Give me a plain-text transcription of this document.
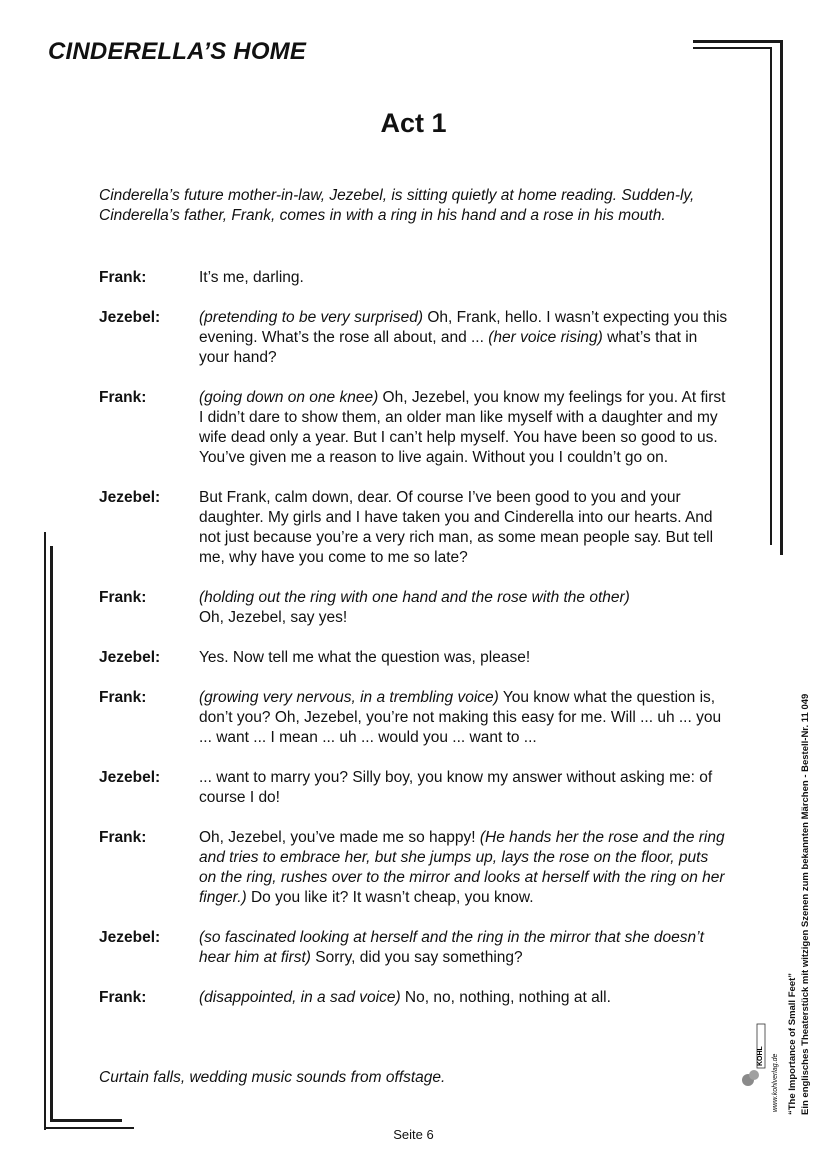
CINDERELLA’S HOME
Act 1
Cinderella’s future mother-in-law, Jezebel, is sitting quietly at home reading. Sudden-ly, Cinderella’s father, Frank, comes in with a ring in his hand and a rose in his mouth.
Frank:	It’s me, darling.
Jezebel:	(pretending to be very surprised) Oh, Frank, hello. I wasn’t expecting you this evening. What’s the rose all about, and ... (her voice rising) what’s that in your hand?
Frank:	(going down on one knee) Oh, Jezebel, you know my feelings for you. At first I didn’t dare to show them, an older man like myself with a daughter and my wife dead only a year. But I can’t help myself. You have been so good to us. You’ve given me a reason to live again. Without you I couldn’t go on.
Jezebel:	But Frank, calm down, dear. Of course I’ve been good to you and your daughter. My girls and I have taken you and Cinderella into our hearts. And not just because you’re a very rich man, as some mean people say. But tell me, why have you come to me so late?
Frank:	(holding out the ring with one hand and the rose with the other)
Oh, Jezebel, say yes!
Jezebel:	Yes. Now tell me what the question was, please!
Frank:	(growing very nervous, in a trembling voice) You know what the question is, don’t you? Oh, Jezebel, you’re not making this easy for me. Will ... uh ... you ... want ... I mean ... uh ... would you ... want to ...
Jezebel:	... want to marry you? Silly boy, you know my answer without asking me: of course I do!
Frank:	Oh, Jezebel, you’ve made me so happy! (He hands her the rose and the ring and tries to embrace her, but she jumps up, lays the rose on the floor, puts on the ring, rushes over to the mirror and looks at herself with the ring on her finger.) Do you like it? It wasn’t cheap, you know.
Jezebel:	(so fascinated looking at herself and the ring in the mirror that she doesn’t hear him at first) Sorry, did you say something?
Frank:	(disappointed, in a sad voice) No, no, nothing, nothing at all.
Curtain falls, wedding music sounds from offstage.
Seite 6
“The Importance of Small Feet” Ein englisches Theaterstück mit witzigen Szenen zum bekannten Märchen - Bestell-Nr. 11 049
www.kohlverlag.de
KOHL
